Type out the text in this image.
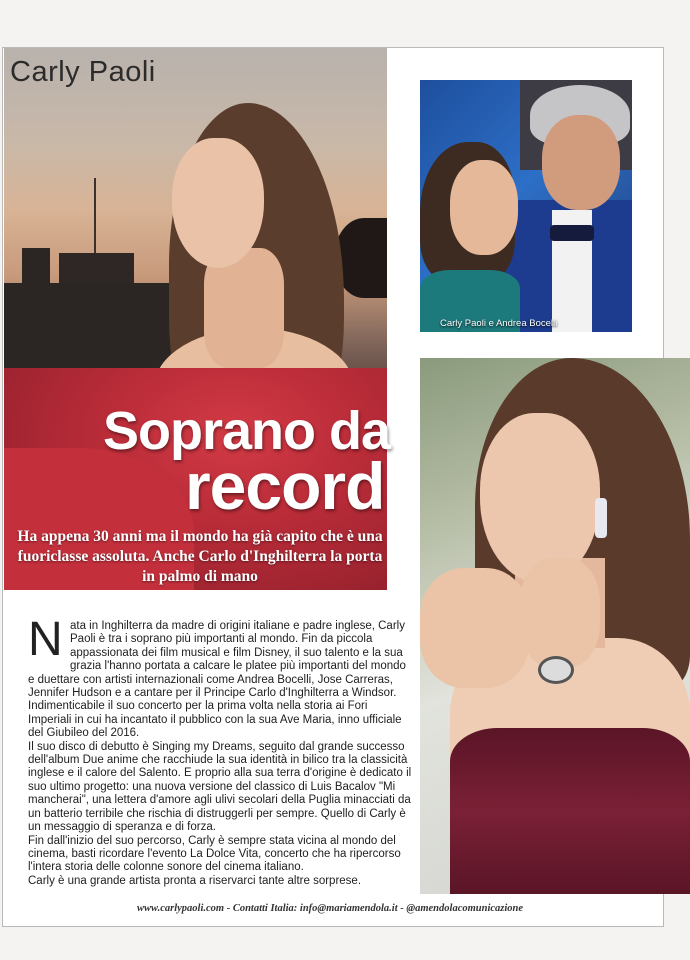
Carly Paoli
Soprano da
record
Ha appena 30 anni ma il mondo ha già capito che è una fuoriclasse assoluta. Anche Carlo d'Inghilterra la porta in palmo di mano
Carly Paoli e Andrea Bocelli
N ata in Inghilterra da madre di origini italiane e padre inglese, Carly Paoli è tra i soprano più importanti al mondo. Fin da piccola appassionata dei film musical e film Disney, il suo talento e la sua grazia l'hanno portata a calcare le platee più importanti del mondo e duettare con artisti internazionali come Andrea Bocelli, Jose Carreras, Jennifer Hudson e a cantare per il Principe Carlo d'Inghilterra a Windsor.

Indimenticabile il suo concerto per la prima volta nella storia ai Fori Imperiali in cui ha incantato il pubblico con la sua Ave Maria, inno ufficiale del Giubileo del 2016.

Il suo disco di debutto è Singing my Dreams, seguito dal grande successo dell'album Due anime che racchiude la sua identità in bilico tra la classicità inglese e il calore del Salento. E proprio alla sua terra d'origine è dedicato il suo ultimo progetto: una nuova versione del classico di Luis Bacalov "Mi mancherai", una lettera d'amore agli ulivi secolari della Puglia minacciati da un batterio terribile che rischia di distruggerli per sempre. Quello di Carly è un messaggio di speranza e di forza.

Fin dall'inizio del suo percorso, Carly è sempre stata vicina al mondo del cinema, basti ricordare l'evento La Dolce Vita, concerto che ha ripercorso l'intera storia delle colonne sonore del cinema italiano.

Carly è una grande artista pronta a riservarci tante altre sorprese.

www.carlypaoli.com - Contatti Italia: info@mariamendola.it - @amendolacomunicazione
